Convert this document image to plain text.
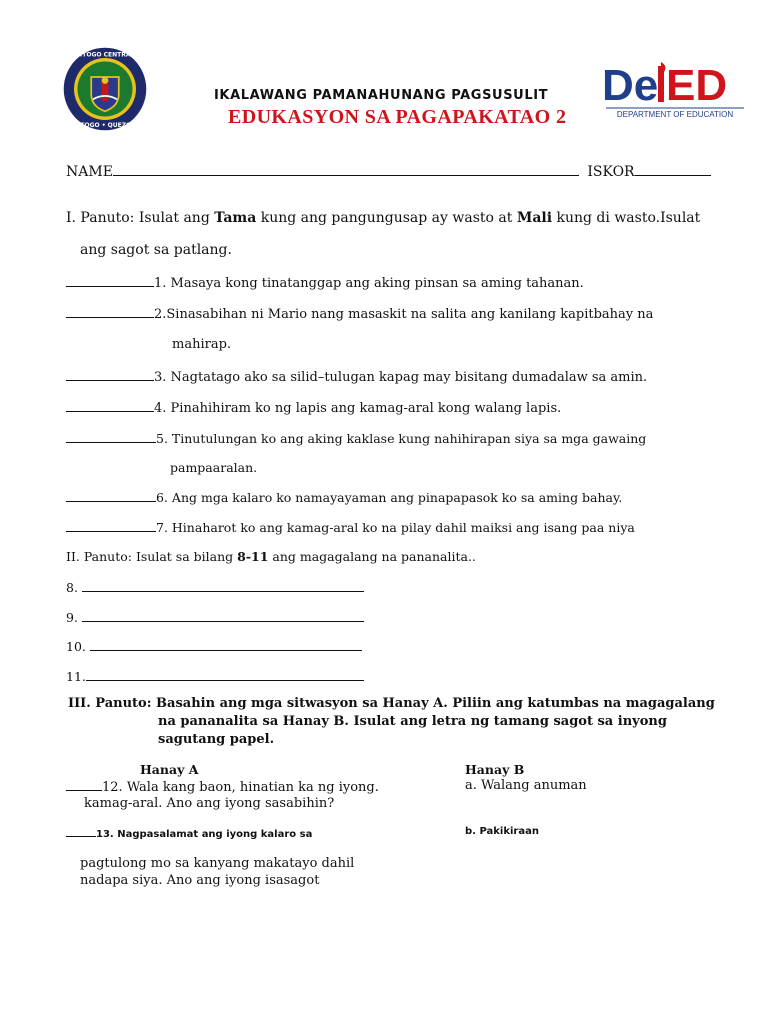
PITOGO CENTRAL
PITOGO • QUEZON
De ED
DEPARTMENT OF EDUCATION
IKALAWANG PAMANAHUNANG PAGSUSULIT
EDUKASYON SA PAGAPAKATAO 2
NAME	ISKOR
I. Panuto: Isulat ang Tama kung ang pangungusap ay wasto at Mali kung di wasto.Isulat
ang sagot sa patlang.
1. Masaya kong tinatanggap ang aking pinsan sa aming tahanan.
2.Sinasabihan ni Mario nang masaskit na salita ang kanilang kapitbahay na
mahirap.
3. Nagtatago ako sa silid–tulugan kapag may bisitang dumadalaw sa amin.
4. Pinahihiram ko ng lapis ang kamag-aral kong walang lapis.
5. Tinutulungan ko ang aking kaklase kung nahihirapan siya sa mga gawaing
pampaaralan.
6. Ang mga kalaro ko namayayaman ang pinapapasok ko sa aming bahay.
7. Hinaharot ko ang kamag-aral ko na pilay dahil maiksi ang isang paa niya
II. Panuto: Isulat sa bilang 8-11 ang magagalang na pananalita..
8.
9.
10.
11.
III. Panuto: Basahin ang mga sitwasyon sa Hanay A. Piliin ang katumbas na magagalang
na pananalita sa Hanay B. Isulat ang letra ng tamang sagot sa inyong
sagutang papel.
Hanay A	Hanay B
12. Wala kang baon, hinatian ka ng iyong.
kamag-aral. Ano ang iyong sasabihin?
a. Walang anuman
13. Nagpasalamat ang iyong kalaro sa	b. Pakikiraan
pagtulong mo sa kanyang makatayo dahil
nadapa siya. Ano ang iyong isasagot
